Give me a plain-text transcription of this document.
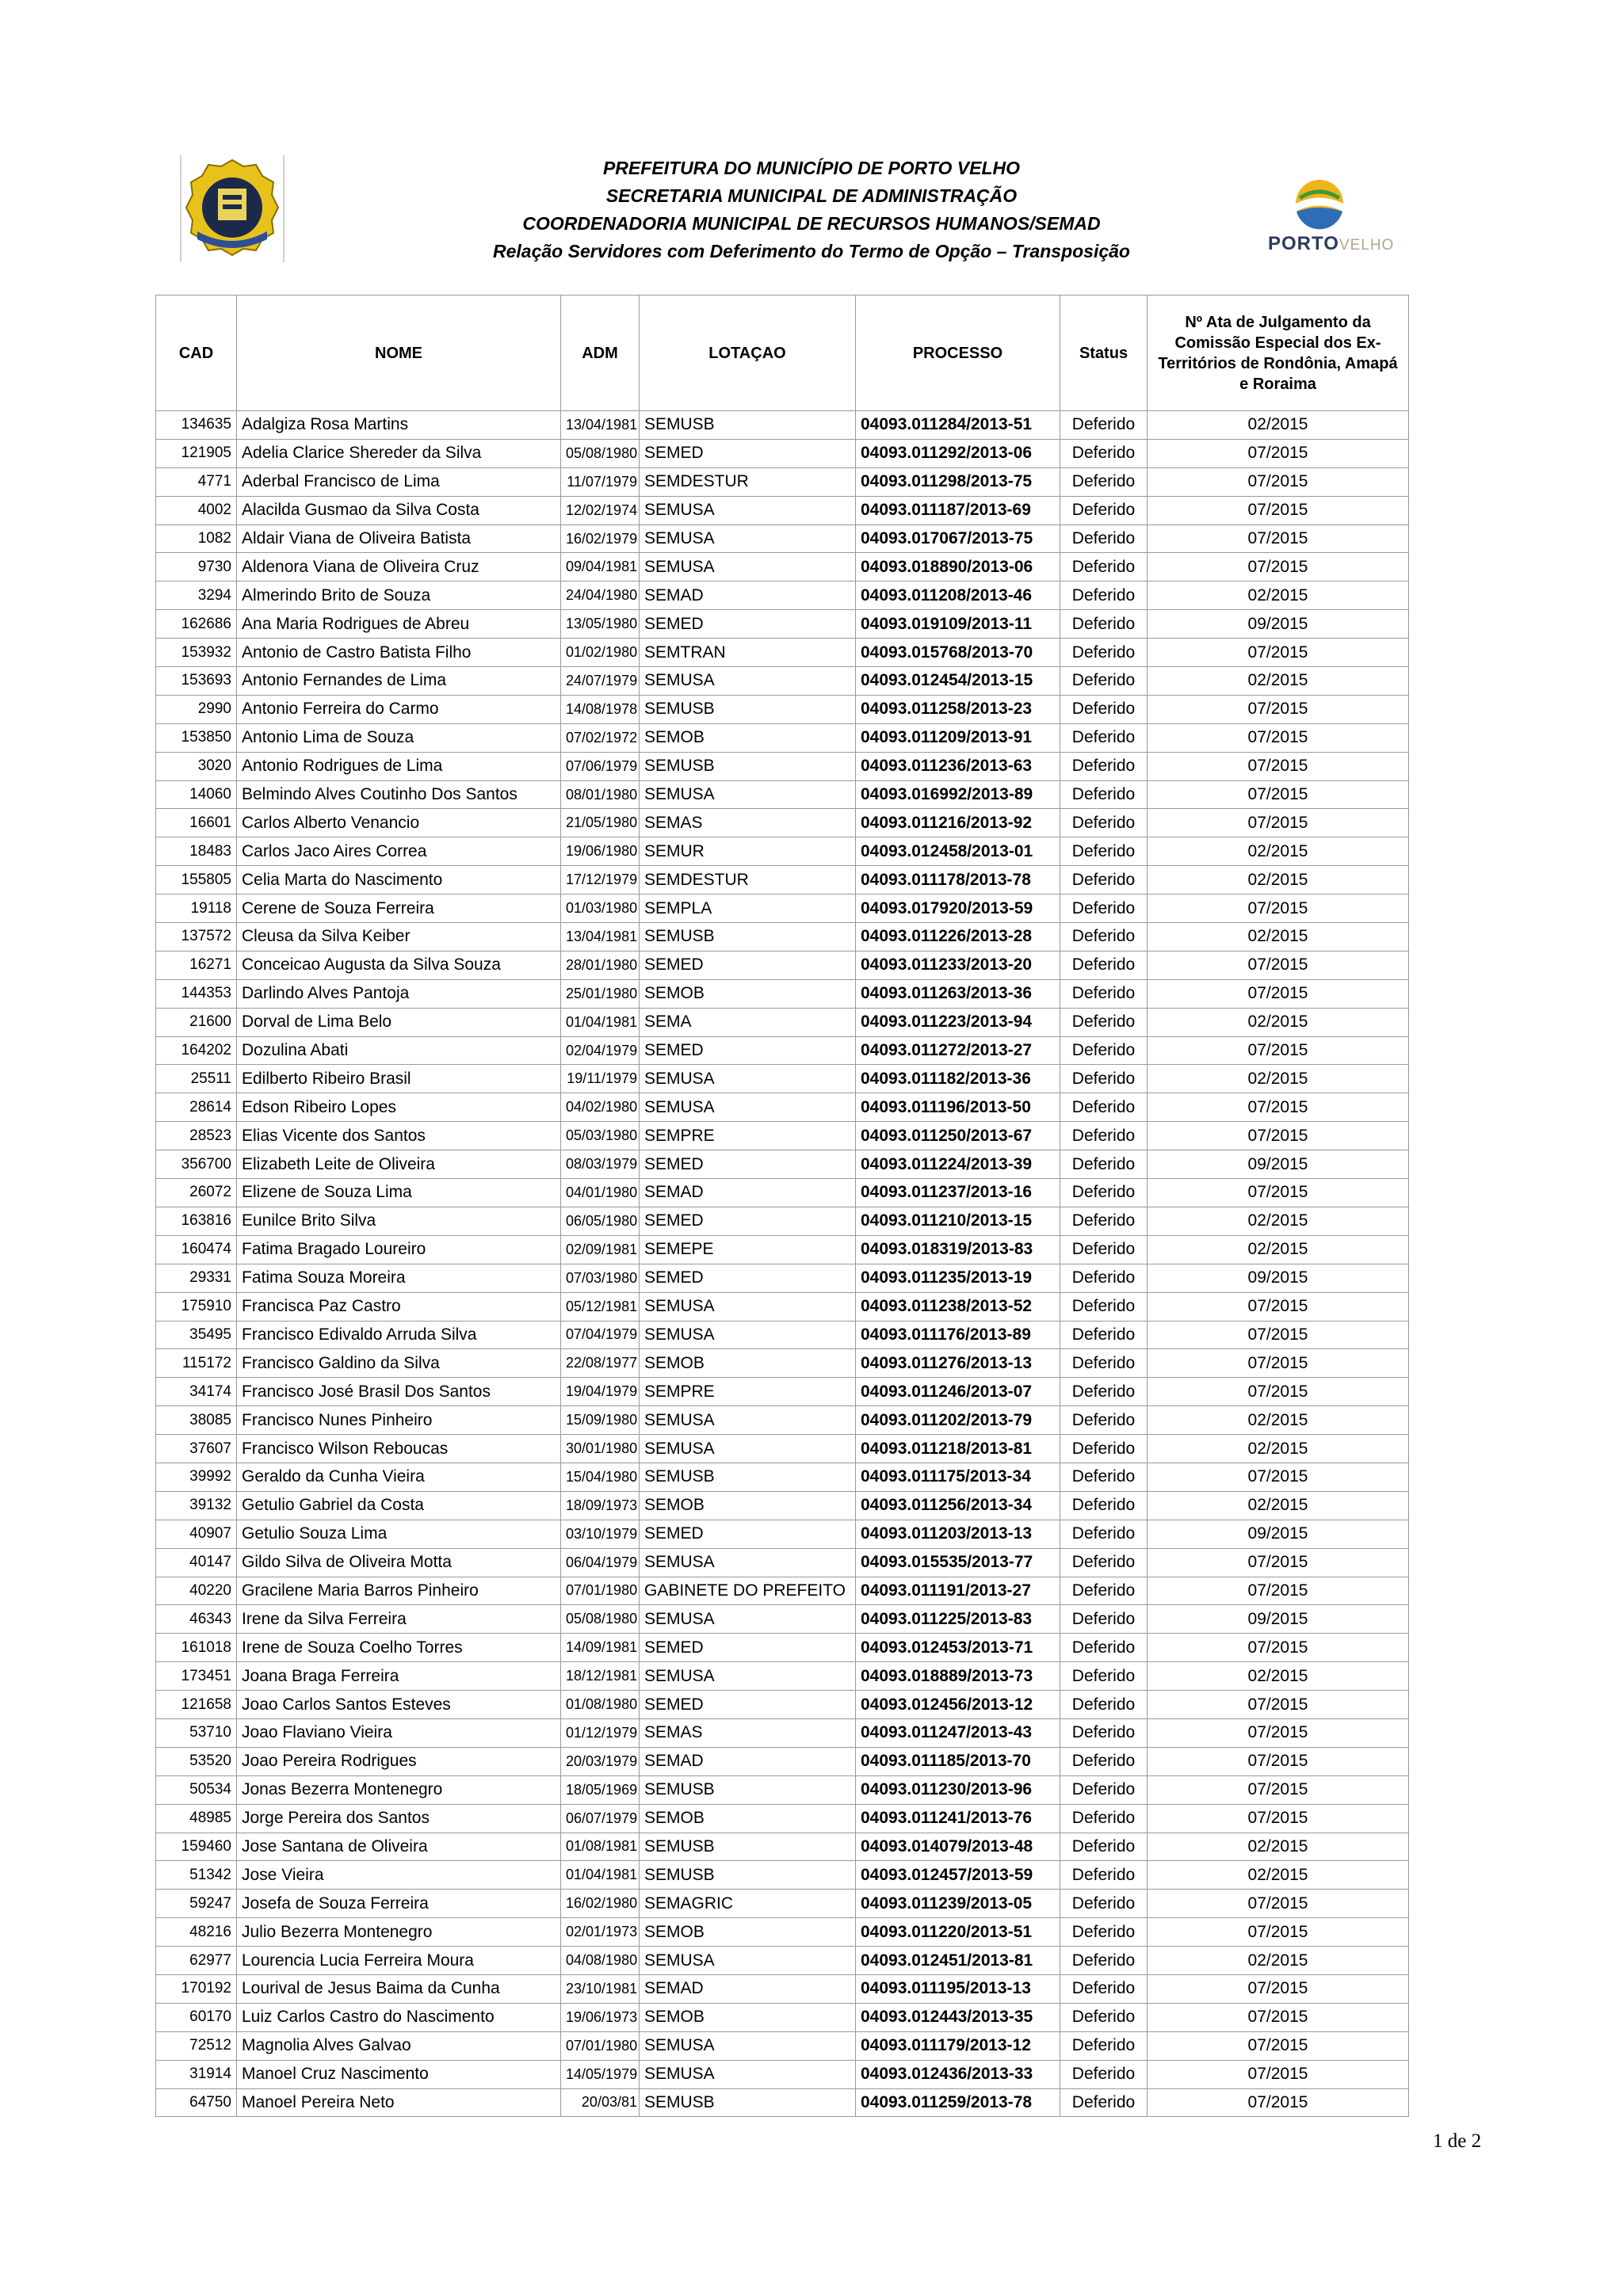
PORTOVELHO
PREFEITURA DO MUNICÍPIO DE PORTO VELHO
SECRETARIA MUNICIPAL DE ADMINISTRAÇÃO
COORDENADORIA MUNICIPAL DE RECURSOS HUMANOS/SEMAD
Relação Servidores com Deferimento do Termo de Opção – Transposição
CAD	NOME	ADM	LOTAÇAO	PROCESSO	Status	Nº Ata de Julgamento da Comissão Especial dos Ex-Territórios de Rondônia, Amapá e Roraima
134635	Adalgiza Rosa Martins	13/04/1981	SEMUSB	04093.011284/2013-51	Deferido	02/2015
121905	Adelia Clarice Shereder da Silva	05/08/1980	SEMED	04093.011292/2013-06	Deferido	07/2015
4771	Aderbal Francisco de Lima	11/07/1979	SEMDESTUR	04093.011298/2013-75	Deferido	07/2015
4002	Alacilda Gusmao da Silva Costa	12/02/1974	SEMUSA	04093.011187/2013-69	Deferido	07/2015
1082	Aldair Viana de Oliveira Batista	16/02/1979	SEMUSA	04093.017067/2013-75	Deferido	07/2015
9730	Aldenora Viana de Oliveira Cruz	09/04/1981	SEMUSA	04093.018890/2013-06	Deferido	07/2015
3294	Almerindo Brito de Souza	24/04/1980	SEMAD	04093.011208/2013-46	Deferido	02/2015
162686	Ana Maria Rodrigues de Abreu	13/05/1980	SEMED	04093.019109/2013-11	Deferido	09/2015
153932	Antonio de Castro Batista Filho	01/02/1980	SEMTRAN	04093.015768/2013-70	Deferido	07/2015
153693	Antonio Fernandes de Lima	24/07/1979	SEMUSA	04093.012454/2013-15	Deferido	02/2015
2990	Antonio Ferreira do Carmo	14/08/1978	SEMUSB	04093.011258/2013-23	Deferido	07/2015
153850	Antonio Lima de Souza	07/02/1972	SEMOB	04093.011209/2013-91	Deferido	07/2015
3020	Antonio Rodrigues de Lima	07/06/1979	SEMUSB	04093.011236/2013-63	Deferido	07/2015
14060	Belmindo Alves Coutinho Dos Santos	08/01/1980	SEMUSA	04093.016992/2013-89	Deferido	07/2015
16601	Carlos Alberto Venancio	21/05/1980	SEMAS	04093.011216/2013-92	Deferido	07/2015
18483	Carlos Jaco Aires Correa	19/06/1980	SEMUR	04093.012458/2013-01	Deferido	02/2015
155805	Celia Marta do Nascimento	17/12/1979	SEMDESTUR	04093.011178/2013-78	Deferido	02/2015
19118	Cerene de Souza Ferreira	01/03/1980	SEMPLA	04093.017920/2013-59	Deferido	07/2015
137572	Cleusa da Silva Keiber	13/04/1981	SEMUSB	04093.011226/2013-28	Deferido	02/2015
16271	Conceicao Augusta da Silva Souza	28/01/1980	SEMED	04093.011233/2013-20	Deferido	07/2015
144353	Darlindo Alves Pantoja	25/01/1980	SEMOB	04093.011263/2013-36	Deferido	07/2015
21600	Dorval de Lima Belo	01/04/1981	SEMA	04093.011223/2013-94	Deferido	02/2015
164202	Dozulina Abati	02/04/1979	SEMED	04093.011272/2013-27	Deferido	07/2015
25511	Edilberto Ribeiro Brasil	19/11/1979	SEMUSA	04093.011182/2013-36	Deferido	02/2015
28614	Edson Ribeiro Lopes	04/02/1980	SEMUSA	04093.011196/2013-50	Deferido	07/2015
28523	Elias Vicente dos Santos	05/03/1980	SEMPRE	04093.011250/2013-67	Deferido	07/2015
356700	Elizabeth Leite de Oliveira	08/03/1979	SEMED	04093.011224/2013-39	Deferido	09/2015
26072	Elizene de Souza Lima	04/01/1980	SEMAD	04093.011237/2013-16	Deferido	07/2015
163816	Eunilce Brito Silva	06/05/1980	SEMED	04093.011210/2013-15	Deferido	02/2015
160474	Fatima Bragado Loureiro	02/09/1981	SEMEPE	04093.018319/2013-83	Deferido	02/2015
29331	Fatima Souza Moreira	07/03/1980	SEMED	04093.011235/2013-19	Deferido	09/2015
175910	Francisca Paz Castro	05/12/1981	SEMUSA	04093.011238/2013-52	Deferido	07/2015
35495	Francisco Edivaldo Arruda Silva	07/04/1979	SEMUSA	04093.011176/2013-89	Deferido	07/2015
115172	Francisco Galdino da Silva	22/08/1977	SEMOB	04093.011276/2013-13	Deferido	07/2015
34174	Francisco José Brasil Dos Santos	19/04/1979	SEMPRE	04093.011246/2013-07	Deferido	07/2015
38085	Francisco Nunes Pinheiro	15/09/1980	SEMUSA	04093.011202/2013-79	Deferido	02/2015
37607	Francisco Wilson Reboucas	30/01/1980	SEMUSA	04093.011218/2013-81	Deferido	02/2015
39992	Geraldo da Cunha Vieira	15/04/1980	SEMUSB	04093.011175/2013-34	Deferido	07/2015
39132	Getulio Gabriel da Costa	18/09/1973	SEMOB	04093.011256/2013-34	Deferido	02/2015
40907	Getulio Souza Lima	03/10/1979	SEMED	04093.011203/2013-13	Deferido	09/2015
40147	Gildo Silva de Oliveira Motta	06/04/1979	SEMUSA	04093.015535/2013-77	Deferido	07/2015
40220	Gracilene Maria Barros Pinheiro	07/01/1980	GABINETE DO PREFEITO	04093.011191/2013-27	Deferido	07/2015
46343	Irene da Silva Ferreira	05/08/1980	SEMUSA	04093.011225/2013-83	Deferido	09/2015
161018	Irene de Souza Coelho Torres	14/09/1981	SEMED	04093.012453/2013-71	Deferido	07/2015
173451	Joana Braga Ferreira	18/12/1981	SEMUSA	04093.018889/2013-73	Deferido	02/2015
121658	Joao Carlos Santos Esteves	01/08/1980	SEMED	04093.012456/2013-12	Deferido	07/2015
53710	Joao Flaviano Vieira	01/12/1979	SEMAS	04093.011247/2013-43	Deferido	07/2015
53520	Joao Pereira Rodrigues	20/03/1979	SEMAD	04093.011185/2013-70	Deferido	07/2015
50534	Jonas Bezerra Montenegro	18/05/1969	SEMUSB	04093.011230/2013-96	Deferido	07/2015
48985	Jorge Pereira dos Santos	06/07/1979	SEMOB	04093.011241/2013-76	Deferido	07/2015
159460	Jose Santana de Oliveira	01/08/1981	SEMUSB	04093.014079/2013-48	Deferido	02/2015
51342	Jose Vieira	01/04/1981	SEMUSB	04093.012457/2013-59	Deferido	02/2015
59247	Josefa de Souza Ferreira	16/02/1980	SEMAGRIC	04093.011239/2013-05	Deferido	07/2015
48216	Julio Bezerra Montenegro	02/01/1973	SEMOB	04093.011220/2013-51	Deferido	07/2015
62977	Lourencia Lucia Ferreira Moura	04/08/1980	SEMUSA	04093.012451/2013-81	Deferido	02/2015
170192	Lourival de Jesus Baima da Cunha	23/10/1981	SEMAD	04093.011195/2013-13	Deferido	07/2015
60170	Luiz Carlos Castro do Nascimento	19/06/1973	SEMOB	04093.012443/2013-35	Deferido	07/2015
72512	Magnolia Alves Galvao	07/01/1980	SEMUSA	04093.011179/2013-12	Deferido	07/2015
31914	Manoel Cruz Nascimento	14/05/1979	SEMUSA	04093.012436/2013-33	Deferido	07/2015
64750	Manoel Pereira Neto	20/03/81	SEMUSB	04093.011259/2013-78	Deferido	07/2015
1 de 2
